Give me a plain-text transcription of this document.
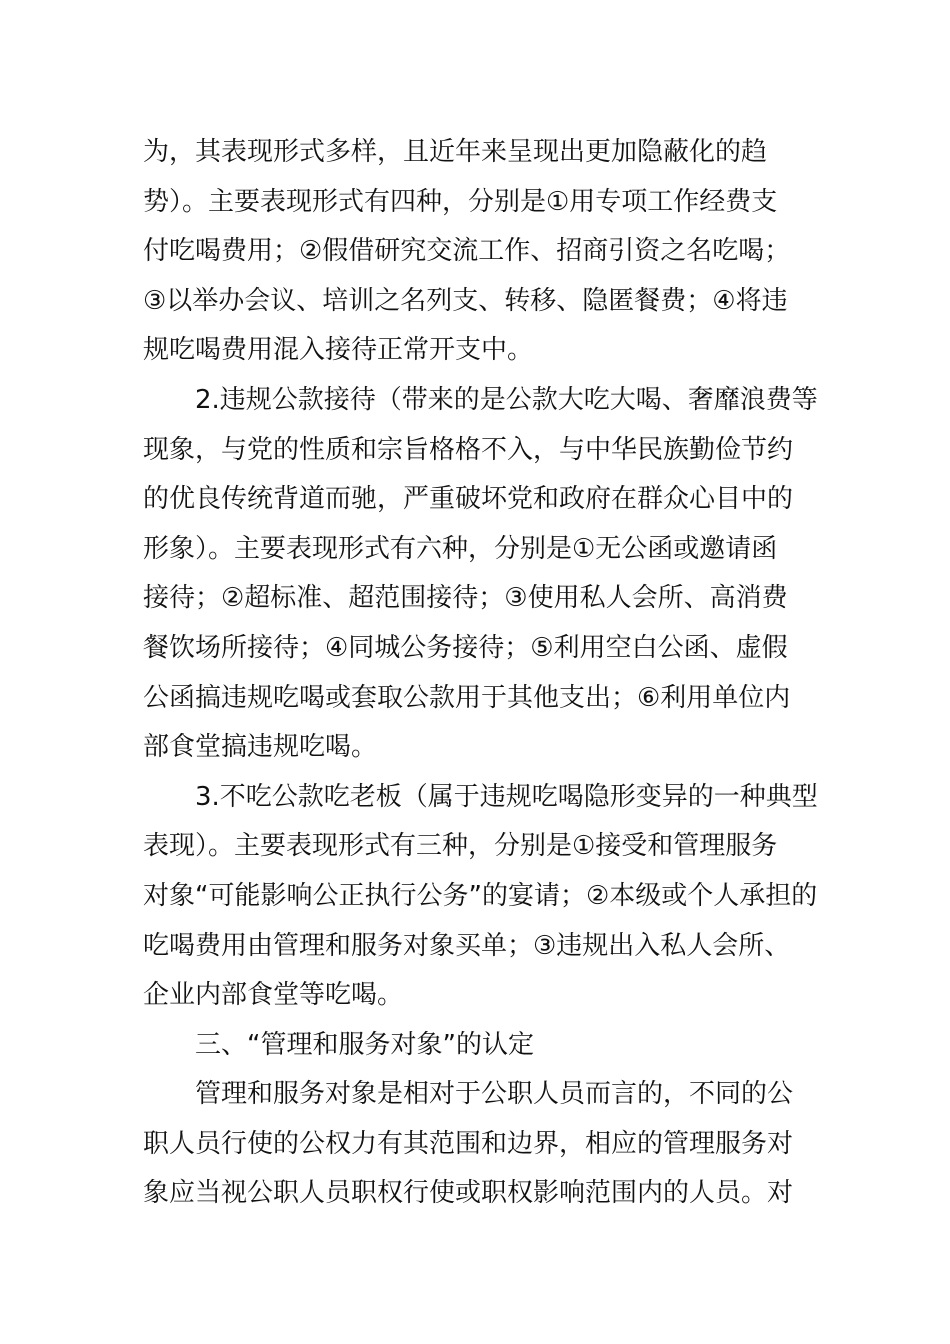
为，其表现形式多样，且近年来呈现出更加隐蔽化的趋
势）。主要表现形式有四种，分别是①用专项工作经费支
付吃喝费用；②假借研究交流工作、招商引资之名吃喝；
③以举办会议、培训之名列支、转移、隐匿餐费；④将违
规吃喝费用混入接待正常开支中。

2.违规公款接待（带来的是公款大吃大喝、奢靡浪费等
现象，与党的性质和宗旨格格不入，与中华民族勤俭节约
的优良传统背道而驰，严重破坏党和政府在群众心目中的
形象）。主要表现形式有六种，分别是①无公函或邀请函
接待；②超标准、超范围接待；③使用私人会所、高消费
餐饮场所接待；④同城公务接待；⑤利用空白公函、虚假
公函搞违规吃喝或套取公款用于其他支出；⑥利用单位内
部食堂搞违规吃喝。

3.不吃公款吃老板（属于违规吃喝隐形变异的一种典型
表现）。主要表现形式有三种，分别是①接受和管理服务
对象“可能影响公正执行公务”的宴请；②本级或个人承担的
吃喝费用由管理和服务对象买单；③违规出入私人会所、
企业内部食堂等吃喝。

三、“管理和服务对象”的认定

管理和服务对象是相对于公职人员而言的，不同的公
职人员行使的公权力有其范围和边界，相应的管理服务对
象应当视公职人员职权行使或职权影响范围内的人员。对
